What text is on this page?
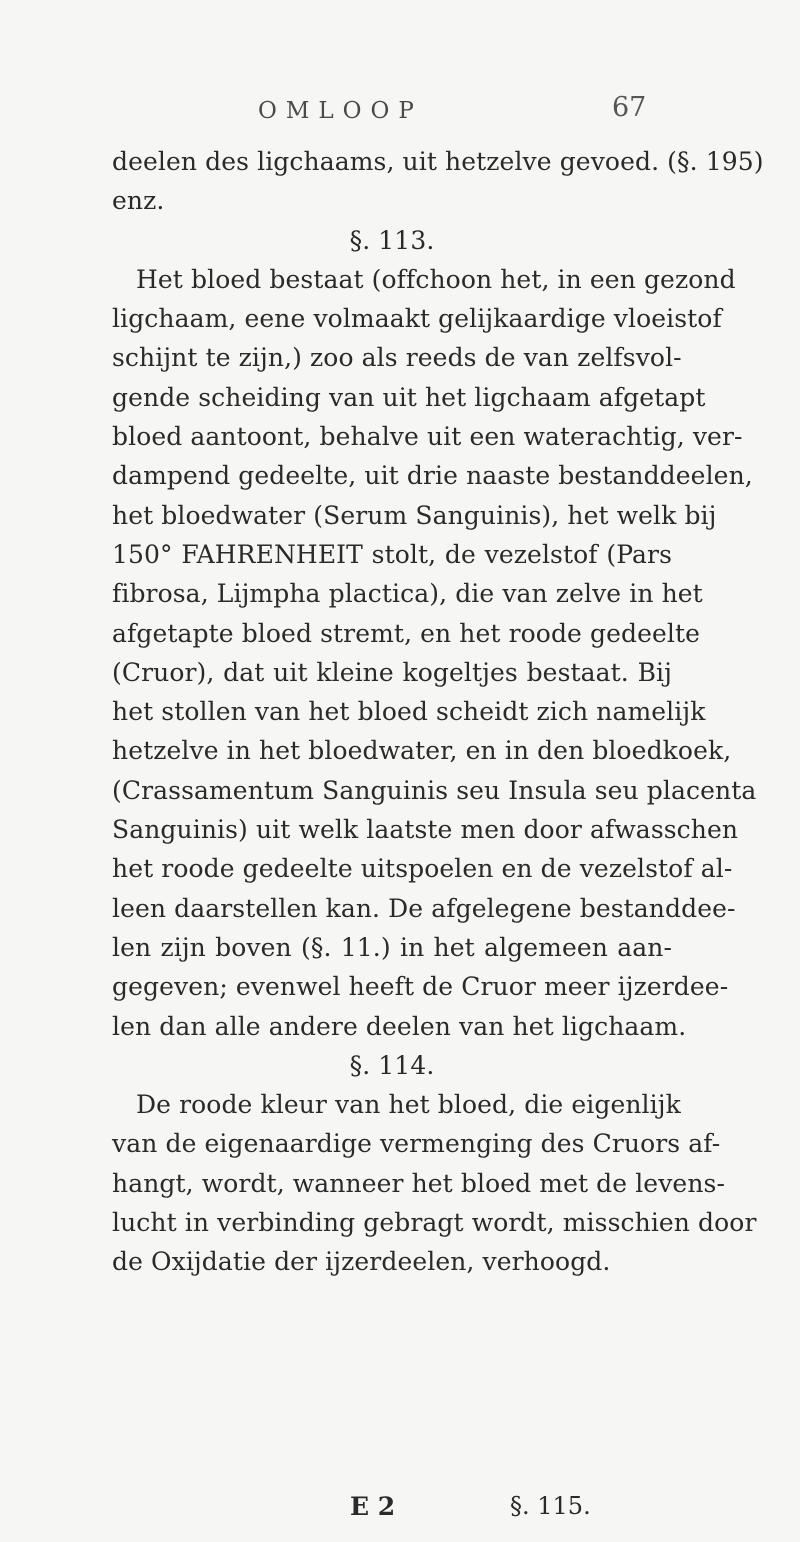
OMLOOP	67
deelen des ligchaams, uit hetzelve gevoed. (§. 195)
enz.
§. 113.
Het bloed bestaat (offchoon het, in een gezond
ligchaam, eene volmaakt gelijkaardige vloeistof
schijnt te zijn,) zoo als reeds de van zelfsvol-
gende scheiding van uit het ligchaam afgetapt
bloed aantoont, behalve uit een waterachtig, ver-
dampend gedeelte, uit drie naaste bestanddeelen,
het bloedwater (Serum Sanguinis), het welk bij
150° FAHRENHEIT stolt, de vezelstof (Pars
fibrosa, Lijmpha plactica), die van zelve in het
afgetapte bloed stremt, en het roode gedeelte
(Cruor), dat uit kleine kogeltjes bestaat. Bij
het stollen van het bloed scheidt zich namelijk
hetzelve in het bloedwater, en in den bloedkoek,
(Crassamentum Sanguinis seu Insula seu placenta
Sanguinis) uit welk laatste men door afwasschen
het roode gedeelte uitspoelen en de vezelstof al-
leen daarstellen kan. De afgelegene bestanddee-
len zijn boven (§. 11.) in het algemeen aan-
gegeven; evenwel heeft de Cruor meer ijzerdee-
len dan alle andere deelen van het ligchaam.
§. 114.
De roode kleur van het bloed, die eigenlijk
van de eigenaardige vermenging des Cruors af-
hangt, wordt, wanneer het bloed met de levens-
lucht in verbinding gebragt wordt, misschien door
de Oxijdatie der ijzerdeelen, verhoogd.
E 2	§. 115.
